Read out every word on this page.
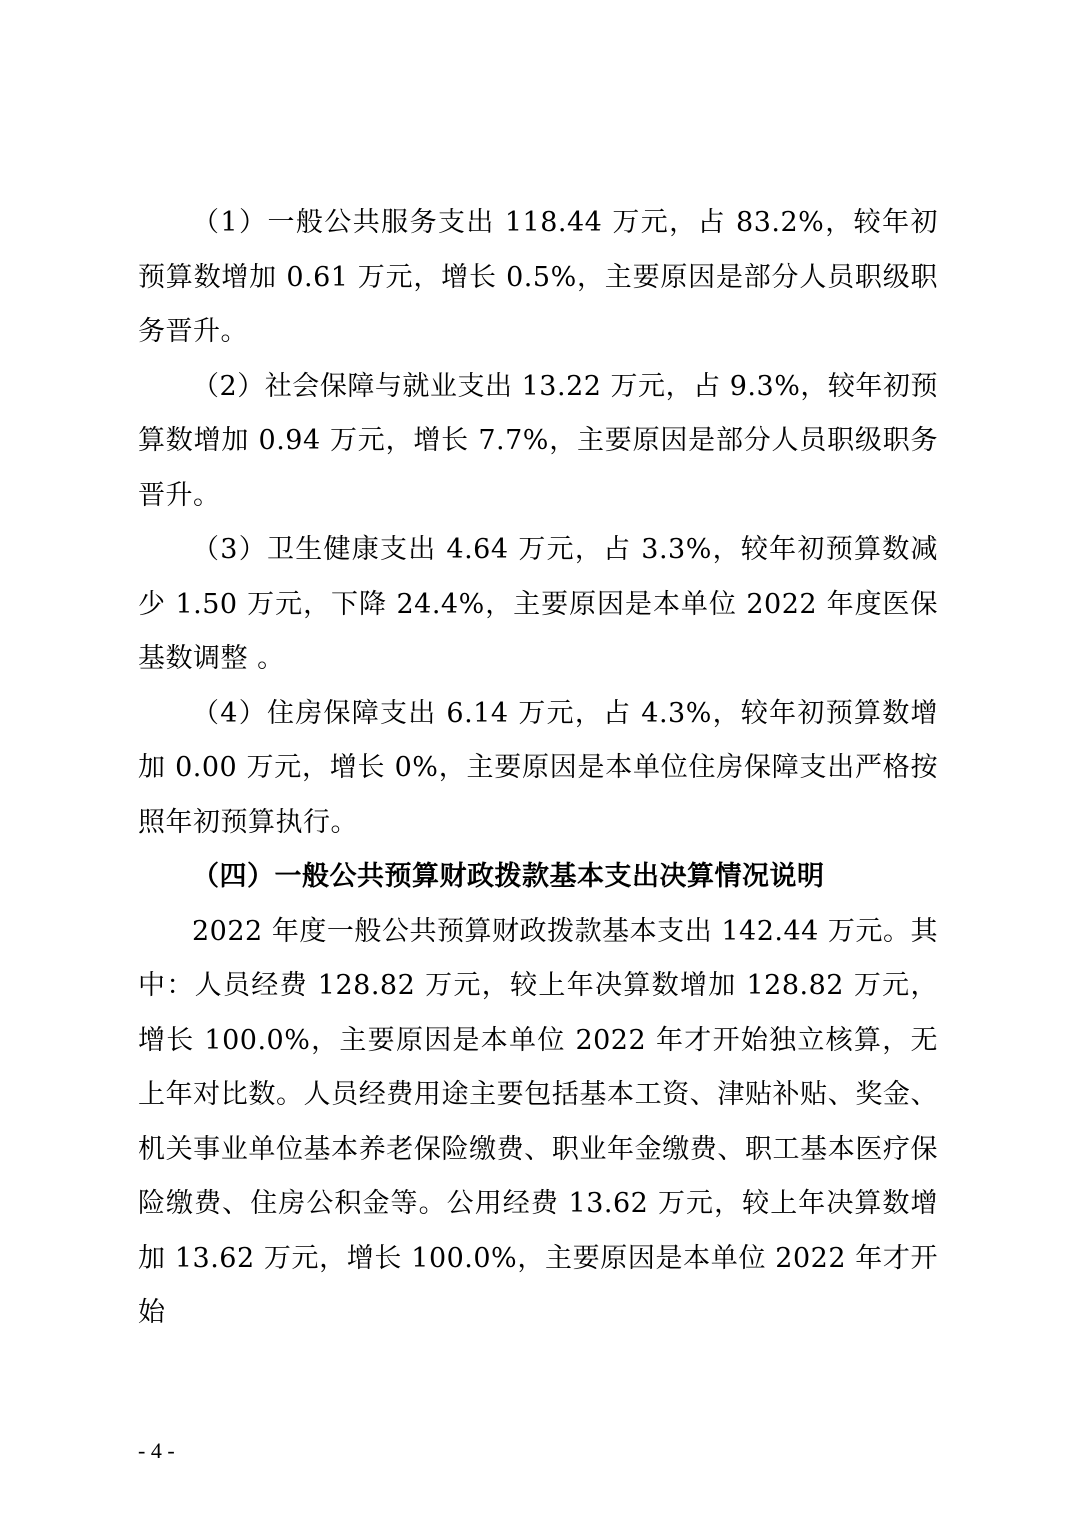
（1）一般公共服务支出 118.44 万元，占 83.2%，较年初预算数增加 0.61 万元，增长 0.5%，主要原因是部分人员职级职务晋升。

（2）社会保障与就业支出 13.22 万元，占 9.3%，较年初预算数增加 0.94 万元，增长 7.7%，主要原因是部分人员职级职务晋升。

（3）卫生健康支出 4.64 万元，占 3.3%，较年初预算数减少 1.50 万元，下降 24.4%，主要原因是本单位 2022 年度医保基数调整 。

（4）住房保障支出 6.14 万元，占 4.3%，较年初预算数增加 0.00 万元，增长 0%，主要原因是本单位住房保障支出严格按照年初预算执行。

（四）一般公共预算财政拨款基本支出决算情况说明

2022 年度一般公共预算财政拨款基本支出 142.44 万元。其中：人员经费 128.82 万元，较上年决算数增加 128.82 万元，增长 100.0%，主要原因是本单位 2022 年才开始独立核算，无上年对比数。人员经费用途主要包括基本工资、津贴补贴、奖金、机关事业单位基本养老保险缴费、职业年金缴费、职工基本医疗保险缴费、住房公积金等。公用经费 13.62 万元，较上年决算数增加 13.62 万元，增长 100.0%，主要原因是本单位 2022 年才开始

- 4 -
